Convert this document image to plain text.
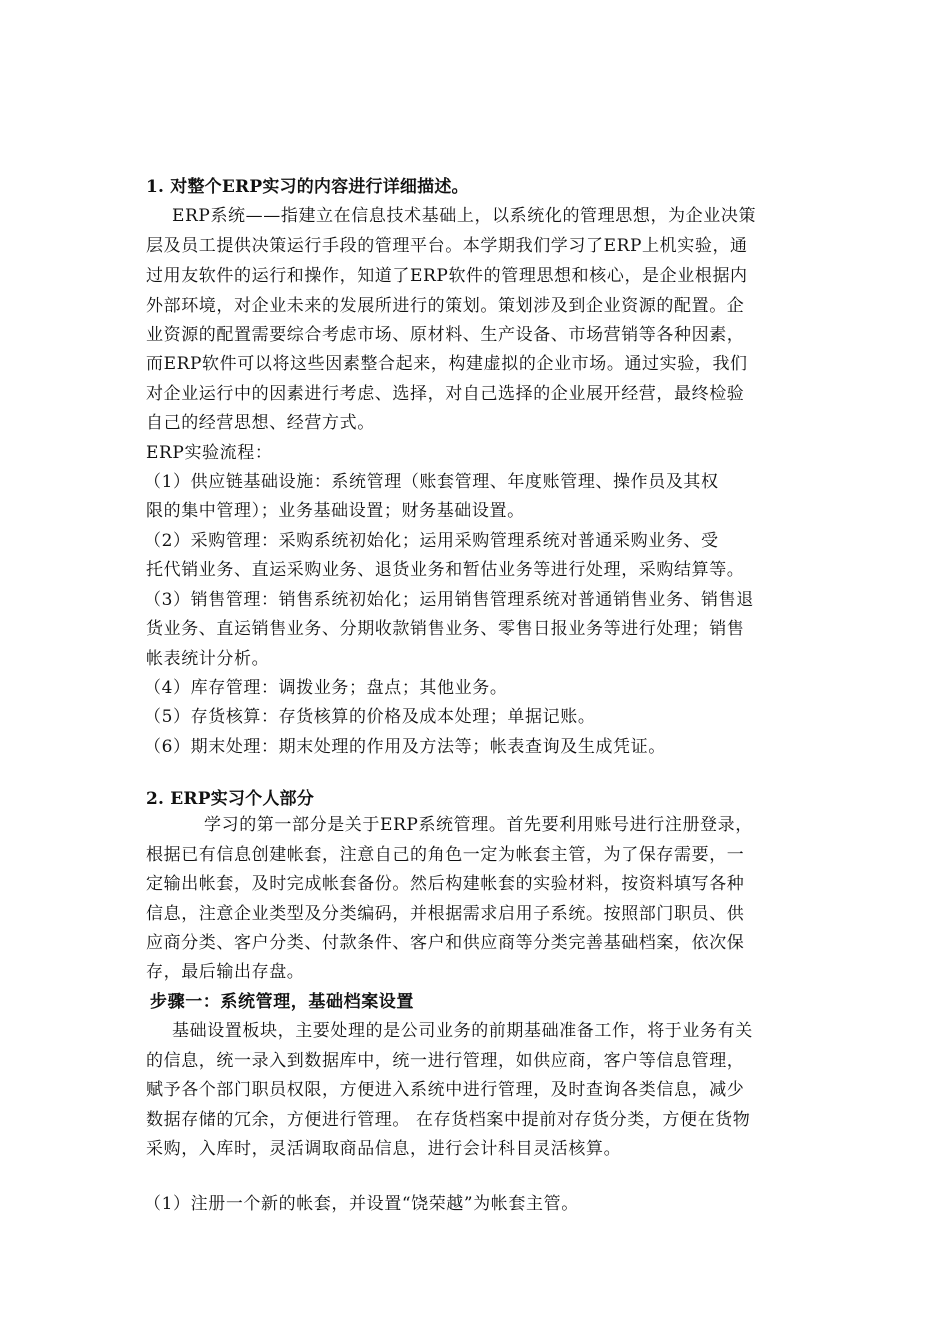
1. 对整个ERP实习的内容进行详细描述。
ERP系统——指建立在信息技术基础上，以系统化的管理思想，为企业决策
层及员工提供决策运行手段的管理平台。本学期我们学习了ERP上机实验，通
过用友软件的运行和操作，知道了ERP软件的管理思想和核心，是企业根据内
外部环境，对企业未来的发展所进行的策划。策划涉及到企业资源的配置。企
业资源的配置需要综合考虑市场、原材料、生产设备、市场营销等各种因素，
而ERP软件可以将这些因素整合起来，构建虚拟的企业市场。通过实验，我们
对企业运行中的因素进行考虑、选择，对自己选择的企业展开经营，最终检验
自己的经营思想、经营方式。
ERP实验流程：
（1）供应链基础设施：系统管理（账套管理、年度账管理、操作员及其权
限的集中管理）；业务基础设置；财务基础设置。
（2）采购管理：采购系统初始化；运用采购管理系统对普通采购业务、受
托代销业务、直运采购业务、退货业务和暂估业务等进行处理，采购结算等。
（3）销售管理：销售系统初始化；运用销售管理系统对普通销售业务、销售退
货业务、直运销售业务、分期收款销售业务、零售日报业务等进行处理；销售
帐表统计分析。
（4）库存管理：调拨业务；盘点；其他业务。
（5）存货核算：存货核算的价格及成本处理；单据记账。
（6）期末处理：期末处理的作用及方法等；帐表查询及生成凭证。
2. ERP实习个人部分
学习的第一部分是关于ERP系统管理。首先要利用账号进行注册登录，
根据已有信息创建帐套，注意自己的角色一定为帐套主管，为了保存需要，一
定输出帐套，及时完成帐套备份。然后构建帐套的实验材料，按资料填写各种
信息，注意企业类型及分类编码，并根据需求启用子系统。按照部门职员、供
应商分类、客户分类、付款条件、客户和供应商等分类完善基础档案，依次保
存，最后输出存盘。
步骤一：系统管理，基础档案设置
基础设置板块，主要处理的是公司业务的前期基础准备工作，将于业务有关
的信息，统一录入到数据库中，统一进行管理，如供应商，客户等信息管理，
赋予各个部门职员权限，方便进入系统中进行管理，及时查询各类信息，减少
数据存储的冗余，方便进行管理。 在存货档案中提前对存货分类，方便在货物
采购，入库时，灵活调取商品信息，进行会计科目灵活核算。
（1）注册一个新的帐套，并设置“饶荣越”为帐套主管。
